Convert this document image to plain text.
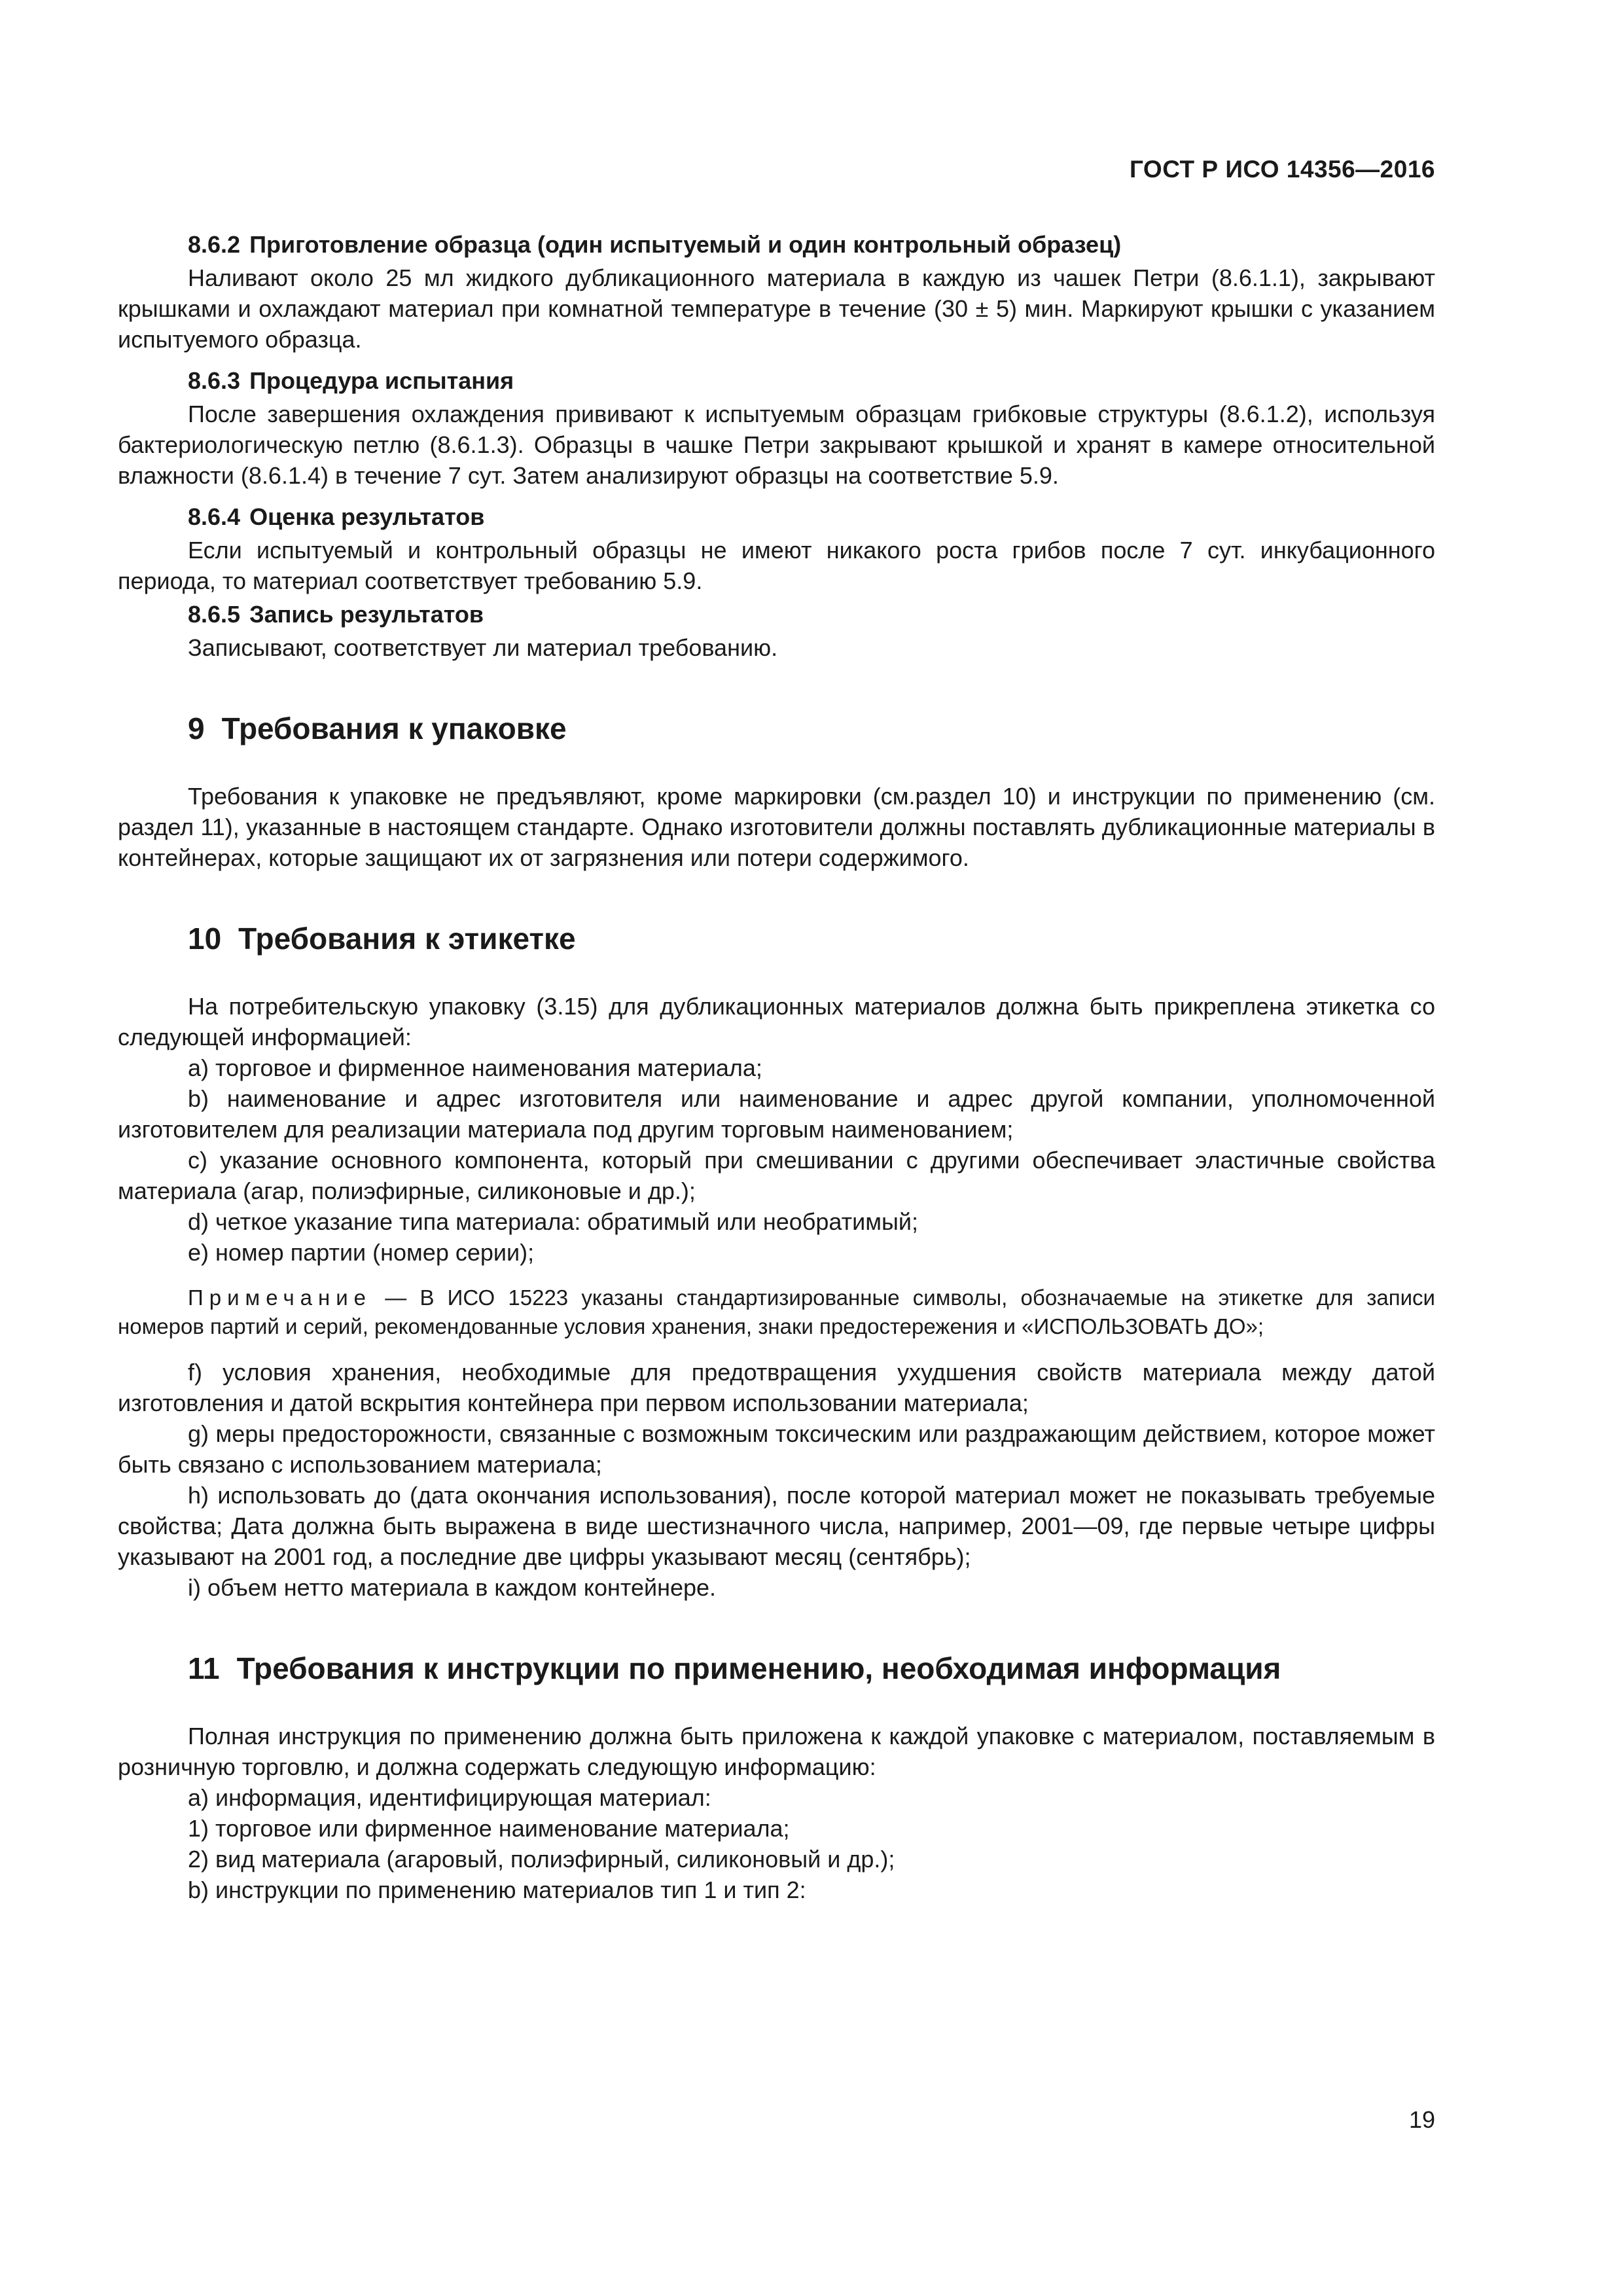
ГОСТ Р ИСО 14356—2016
8.6.2 Приготовление образца (один испытуемый и один контрольный образец)

Наливают около 25 мл жидкого дубликационного материала в каждую из чашек Петри (8.6.1.1), закрывают крышками и охлаждают материал при комнатной температуре в течение (30 ± 5) мин. Маркируют крышки с указанием испытуемого образца.

8.6.3 Процедура испытания

После завершения охлаждения прививают к испытуемым образцам грибковые структуры (8.6.1.2), используя бактериологическую петлю (8.6.1.3). Образцы в чашке Петри закрывают крышкой и хранят в камере относительной влажности (8.6.1.4) в течение 7 сут. Затем анализируют образцы на соответствие 5.9.

8.6.4 Оценка результатов

Если испытуемый и контрольный образцы не имеют никакого роста грибов после 7 сут. инкубационного периода, то материал соответствует требованию 5.9.

8.6.5 Запись результатов

Записывают, соответствует ли материал требованию.

9 Требования к упаковке

Требования к упаковке не предъявляют, кроме маркировки (см.раздел 10) и инструкции по применению (см. раздел 11), указанные в настоящем стандарте. Однако изготовители должны поставлять дубликационные материалы в контейнерах, которые защищают их от загрязнения или потери содержимого.

10 Требования к этикетке

На потребительскую упаковку (3.15) для дубликационных материалов должна быть прикреплена этикетка со следующей информацией:

a) торговое и фирменное наименования материала;

b) наименование и адрес изготовителя или наименование и адрес другой компании, уполномоченной изготовителем для реализации материала под другим торговым наименованием;

c) указание основного компонента, который при смешивании с другими обеспечивает эластичные свойства материала (агар, полиэфирные, силиконовые и др.);

d) четкое указание типа материала: обратимый или необратимый;

e) номер партии (номер серии);

Примечание — В ИСО 15223 указаны стандартизированные символы, обозначаемые на этикетке для записи номеров партий и серий, рекомендованные условия хранения, знаки предостережения и «ИСПОЛЬЗОВАТЬ ДО»;

f) условия хранения, необходимые для предотвращения ухудшения свойств материала между датой изготовления и датой вскрытия контейнера при первом использовании материала;

g) меры предосторожности, связанные с возможным токсическим или раздражающим действием, которое может быть связано с использованием материала;

h) использовать до (дата окончания использования), после которой материал может не показывать требуемые свойства; Дата должна быть выражена в виде шестизначного числа, например, 2001—09, где первые четыре цифры указывают на 2001 год, а последние две цифры указывают месяц (сентябрь);

i) объем нетто материала в каждом контейнере.

11 Требования к инструкции по применению, необходимая информация

Полная инструкция по применению должна быть приложена к каждой упаковке с материалом, поставляемым в розничную торговлю, и должна содержать следующую информацию:

a) информация, идентифицирующая материал:

1) торговое или фирменное наименование материала;

2) вид материала (агаровый, полиэфирный, силиконовый и др.);

b) инструкции по применению материалов тип 1 и тип 2:

19
